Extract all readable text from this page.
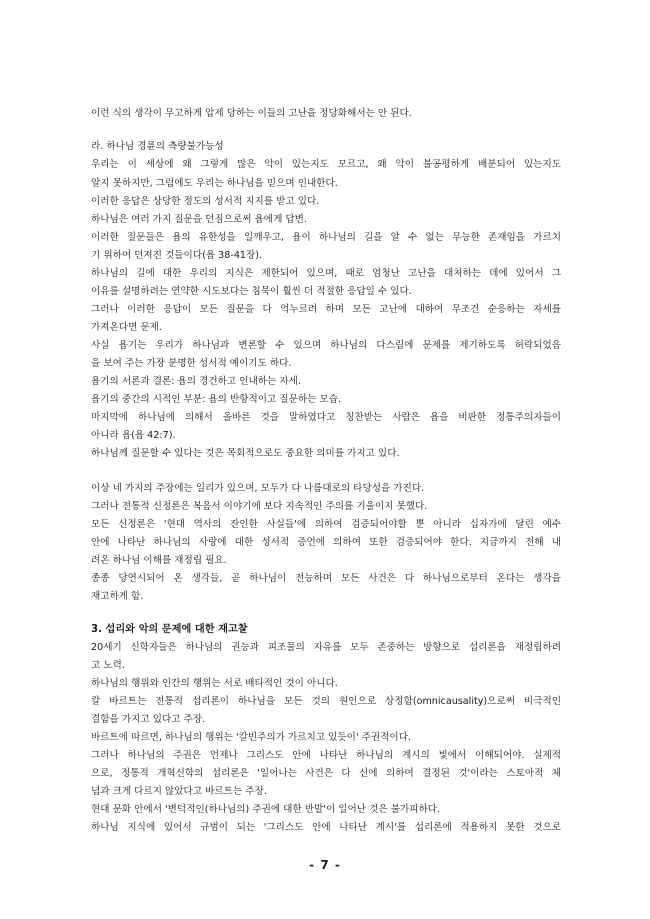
이런 식의 생각이 무고하게 압제 당하는 이들의 고난을 정당화해서는 안 된다.
라. 하나님 경륜의 측량불가능성
우리는 이 세상에 왜 그렇게 많은 악이 있는지도 모르고, 왜 악이 불공평하게 배분되어 있는지도
알지 못하지만, 그럼에도 우리는 하나님을 믿으며 인내한다.
이러한 응답은 상당한 정도의 성서적 지지를 받고 있다.
하나님은 여러 가지 질문을 던짐으로써 욥에게 답변.
이러한 질문들은 욥의 유한성을 일깨우고, 욥이 하나님의 길을 알 수 없는 무능한 존재임을 가르치
기 위하여 던져진 것들이다(욥 38-41장).
하나님의 길에 대한 우리의 지식은 제한되어 있으며, 때로 엄청난 고난을 대처하는 데에 있어서 그
이유를 설명하려는 연약한 시도보다는 침묵이 훨씬 더 적절한 응답일 수 있다.
그러나 이러한 응답이 모든 질문을 다 억누르려 하며 모든 고난에 대하여 무조건 순응하는 자세를
가져온다면 문제.
사실 욥기는 우리가 하나님과 변론할 수 있으며 하나님의 다스림에 문제를 제기하도록 허락되었음
을 보여 주는 가장 분명한 성서적 예이기도 하다.
욥기의 서론과 결론: 욥의 경건하고 인내하는 자세.
욥기의 중간의 시적인 부분: 욥의 반항적이고 질문하는 모습.
마지막에 하나님에 의해서 올바른 것을 말하였다고 칭찬받는 사람은 욥을 비판한 정통주의자들이
아니라 욥(욥 42:7).
하나님께 질문할 수 있다는 것은 목회적으로도 중요한 의미를 가지고 있다.
이상 네 가지의 주장에는 일리가 있으며, 모두가 다 나름대로의 타당성을 가진다.
그러나 전통적 신정론은 복음서 이야기에 보다 지속적인 주의를 기울이지 못했다.
모든 신정론은 '현대 역사의 잔인한 사실들'에 의하여 검증되어야할 뿐 아니라 십자가에 달린 예수
안에 나타난 하나님의 사랑에 대한 성서적 증언에 의하여 또한 검증되어야 한다. 지금까지 전해 내
려온 하나님 이해를 재정립 필요.
종종 당연시되어 온 생각들, 곧 하나님이 전능하며 모든 사건은 다 하나님으로부터 온다는 생각을
재고하게 함.
3. 섭리와 악의 문제에 대한 재고찰
20세기 신학자들은 하나님의 권능과 피조물의 자유를 모두 존중하는 방향으로 섭리론을 재정립하려
고 노력.
하나님의 행위와 인간의 행위는 서로 배타적인 것이 아니다.
칼 바르트는 전통적 섭리론이 하나님을 모든 것의 원인으로 상정함(omnicausality)으로써 비극적인
결함을 가지고 있다고 주장.
바르트에 따르면, 하나님의 행위는 '칼빈주의가 가르치고 있듯이' 주권적이다.
그러나 하나님의 주권은 언제나 그리스도 안에 나타난 하나님의 계시의 빛에서 이해되어야. 실제적
으로, 정통적 개혁신학의 섭리론은 '일어나는 사건은 다 신에 의하여 결정된 것'이라는 스토아적 체
념과 크게 다르지 않았다고 바르트는 주장.
현대 문화 안에서 '변덕적인(하나님의) 주권에 대한 반발'이 일어난 것은 불가피하다.
하나님 지식에 있어서 규범이 되는 '그리스도 안에 나타난 계시'를 섭리론에 적용하지 못한 것으로
- 7 -
